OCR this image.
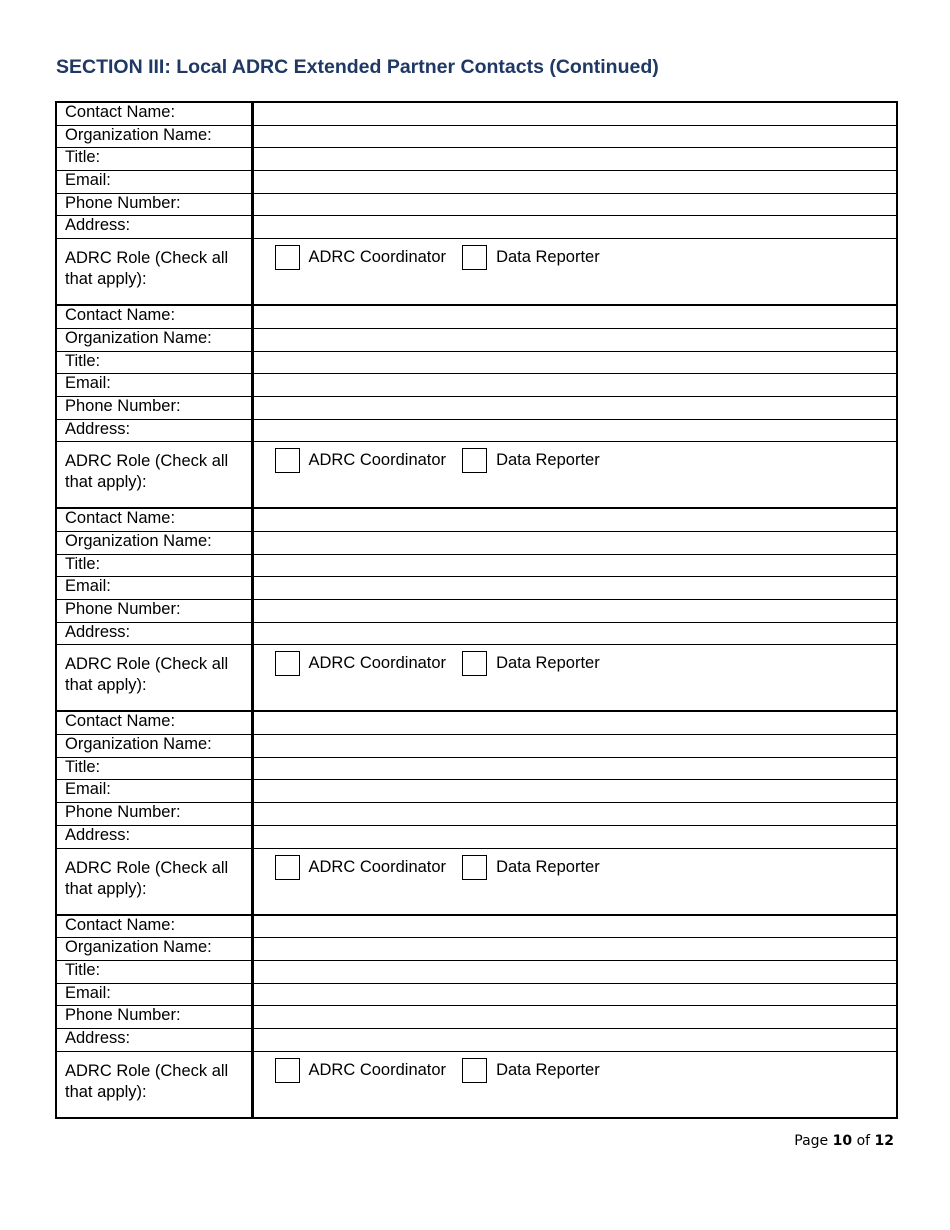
SECTION III: Local ADRC Extended Partner Contacts (Continued)
Contact Name:	
Organization Name:	
Title:	
Email:	
Phone Number:	
Address:	
ADRC Role (Check all that apply):	ADRC Coordinator Data Reporter

Contact Name:	
Organization Name:	
Title:	
Email:	
Phone Number:	
Address:	
ADRC Role (Check all that apply):	ADRC Coordinator Data Reporter

Contact Name:	
Organization Name:	
Title:	
Email:	
Phone Number:	
Address:	
ADRC Role (Check all that apply):	ADRC Coordinator Data Reporter

Contact Name:	
Organization Name:	
Title:	
Email:	
Phone Number:	
Address:	
ADRC Role (Check all that apply):	ADRC Coordinator Data Reporter

Contact Name:	
Organization Name:	
Title:	
Email:	
Phone Number:	
Address:	
ADRC Role (Check all that apply):	ADRC Coordinator Data Reporter
Page 10 of 12
